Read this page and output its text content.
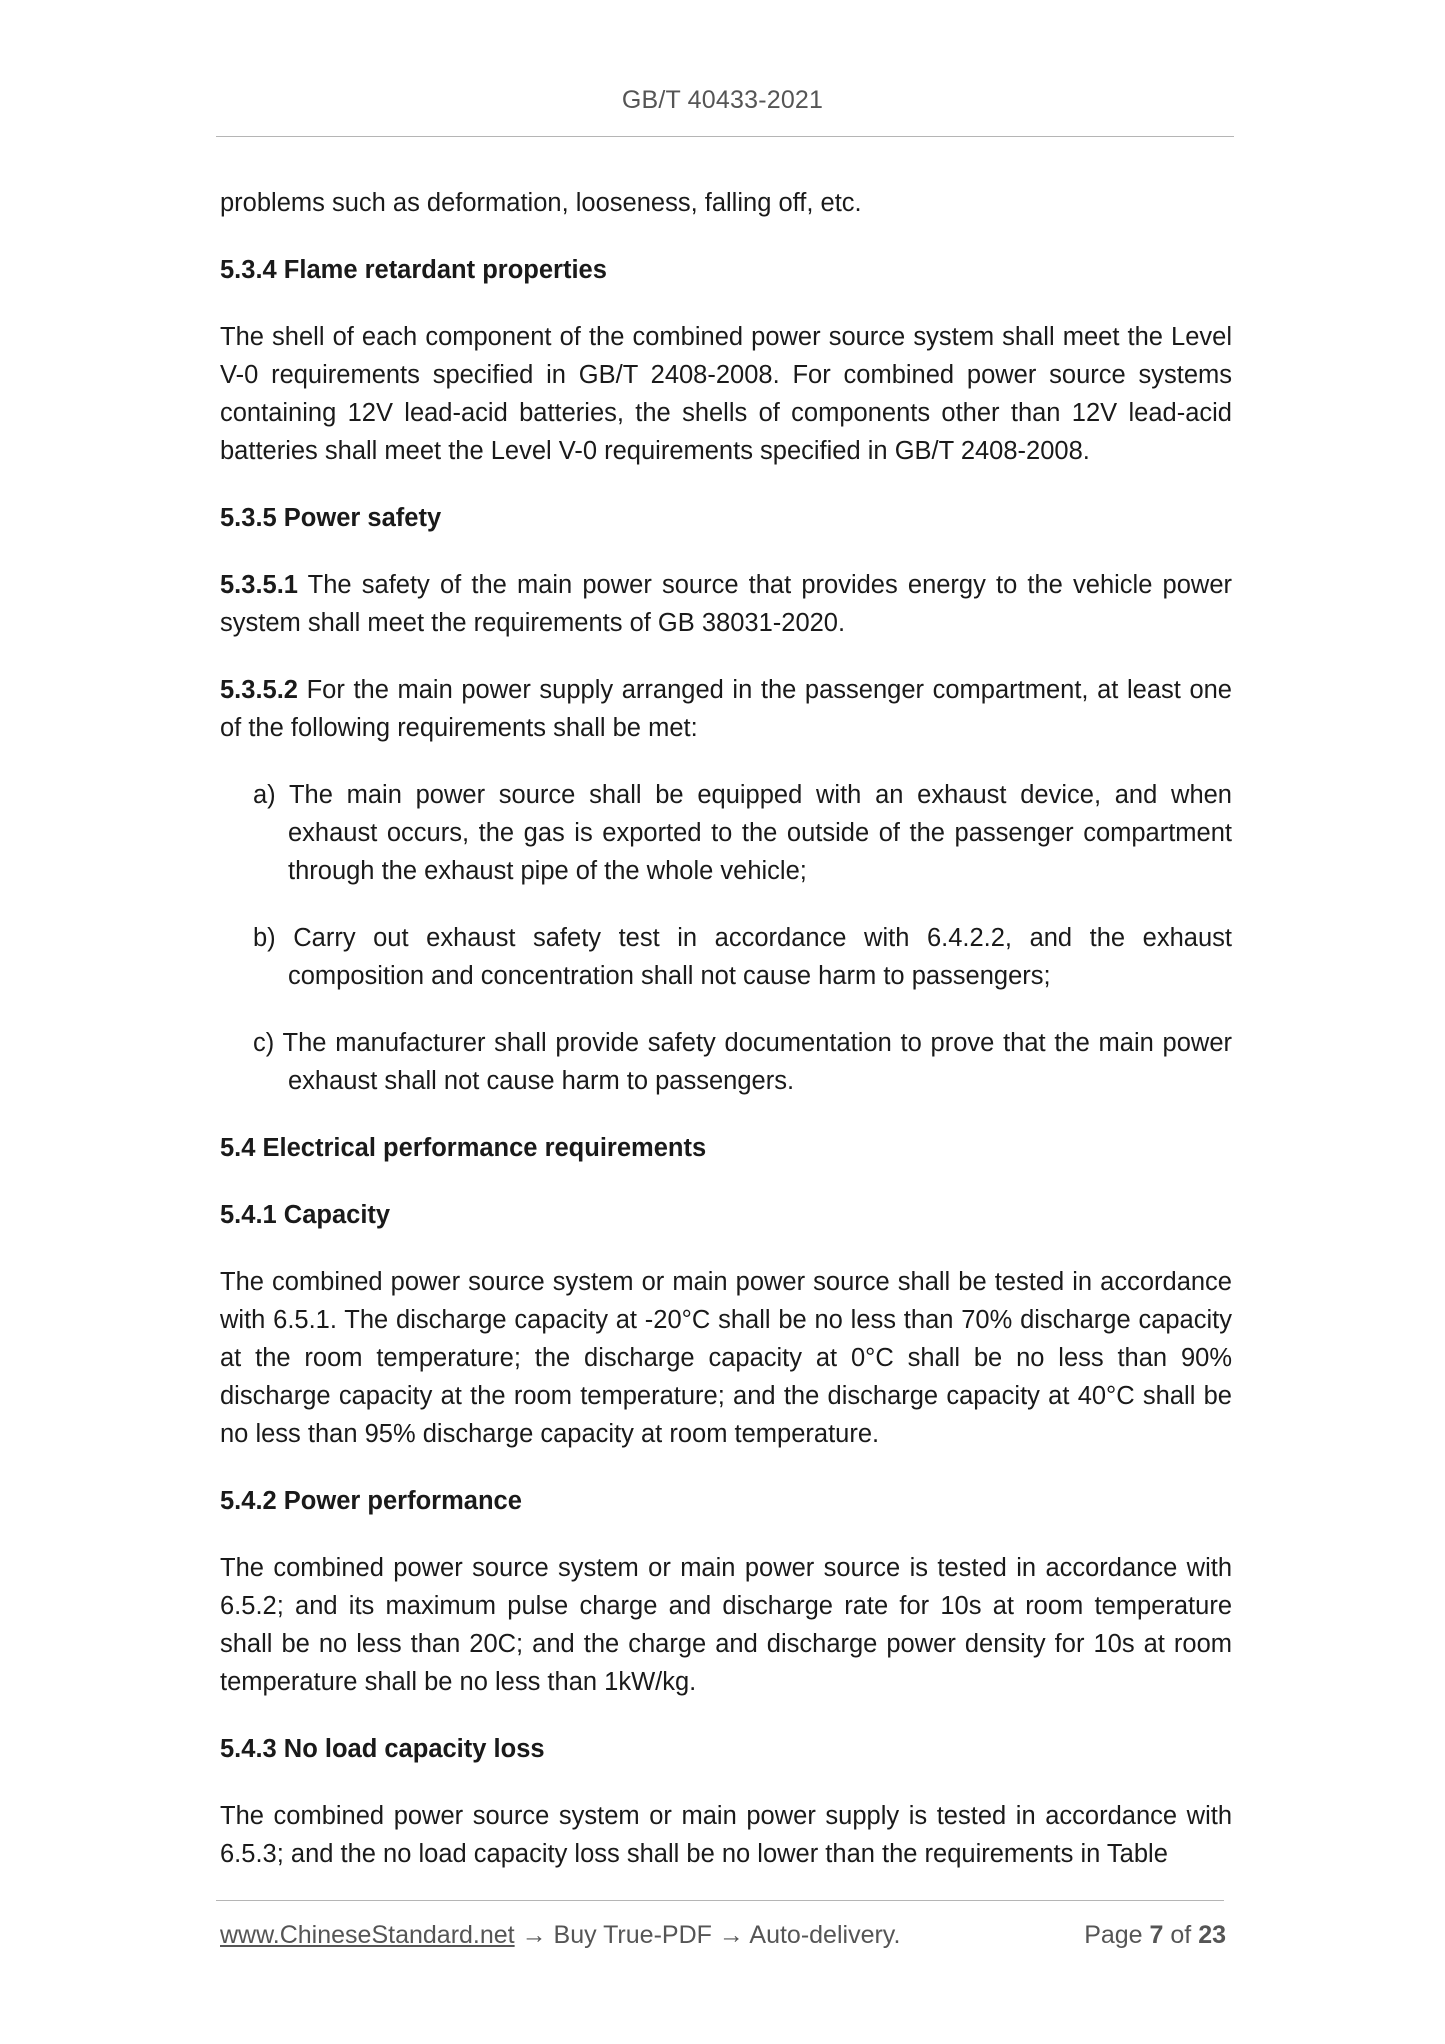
GB/T 40433-2021

problems such as deformation, looseness, falling off, etc.

5.3.4 Flame retardant properties

The shell of each component of the combined power source system shall meet the Level V-0 requirements specified in GB/T 2408-2008. For combined power source systems containing 12V lead-acid batteries, the shells of components other than 12V lead-acid batteries shall meet the Level V-0 requirements specified in GB/T 2408-2008.

5.3.5 Power safety

5.3.5.1 The safety of the main power source that provides energy to the vehicle power system shall meet the requirements of GB 38031-2020.

5.3.5.2 For the main power supply arranged in the passenger compartment, at least one of the following requirements shall be met:

a) The main power source shall be equipped with an exhaust device, and when exhaust occurs, the gas is exported to the outside of the passenger compartment through the exhaust pipe of the whole vehicle;

b) Carry out exhaust safety test in accordance with 6.4.2.2, and the exhaust composition and concentration shall not cause harm to passengers;

c) The manufacturer shall provide safety documentation to prove that the main power exhaust shall not cause harm to passengers.

5.4 Electrical performance requirements

5.4.1 Capacity

The combined power source system or main power source shall be tested in accordance with 6.5.1. The discharge capacity at -20°C shall be no less than 70% discharge capacity at the room temperature; the discharge capacity at 0°C shall be no less than 90% discharge capacity at the room temperature; and the discharge capacity at 40°C shall be no less than 95% discharge capacity at room temperature.

5.4.2 Power performance

The combined power source system or main power source is tested in accordance with 6.5.2; and its maximum pulse charge and discharge rate for 10s at room temperature shall be no less than 20C; and the charge and discharge power density for 10s at room temperature shall be no less than 1kW/kg.

5.4.3 No load capacity loss

The combined power source system or main power supply is tested in accordance with 6.5.3; and the no load capacity loss shall be no lower than the requirements in Table

www.ChineseStandard.net → Buy True-PDF → Auto-delivery.	Page 7 of 23
